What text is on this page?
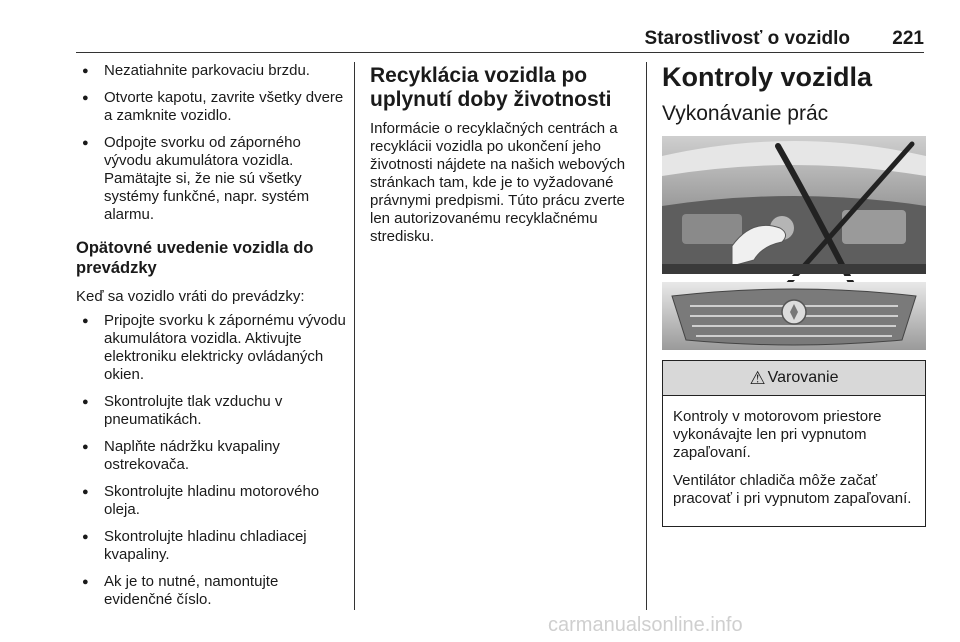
Starostlivosť o vozidlo 221
● Nezatiahnite parkovaciu brzdu.
● Otvorte kapotu, zavrite všetky dvere a zamknite vozidlo.
● Odpojte svorku od záporného vývodu akumulátora vozidla. Pamätajte si, že nie sú všetky systémy funkčné, napr. systém alarmu.
Opätovné uvedenie vozidla do prevádzky

Keď sa vozidlo vráti do prevádzky:

● Pripojte svorku k zápornému vývodu akumulátora vozidla. Aktivujte elektroniku elektricky ovládaných okien.
● Skontrolujte tlak vzduchu v pneumatikách.
● Naplňte nádržku kvapaliny ostrekovača.
● Skontrolujte hladinu motorového oleja.
● Skontrolujte hladinu chladiacej kvapaliny.
● Ak je to nutné, namontujte evidenčné číslo.
Recyklácia vozidla po uplynutí doby životnosti

Informácie o recyklačných centrách a recyklácii vozidla po ukončení jeho životnosti nájdete na našich webových stránkach tam, kde je to vyžadované právnymi predpismi. Túto prácu zverte len autorizovanému recyklačnému stredisku.

Kontroly vozidla
Vykonávanie prác
⚠ Varovanie

Kontroly v motorovom priestore vykonávajte len pri vypnutom zapaľovaní.

Ventilátor chladiča môže začať pracovať i pri vypnutom zapaľovaní.

carmanualsonline.info
